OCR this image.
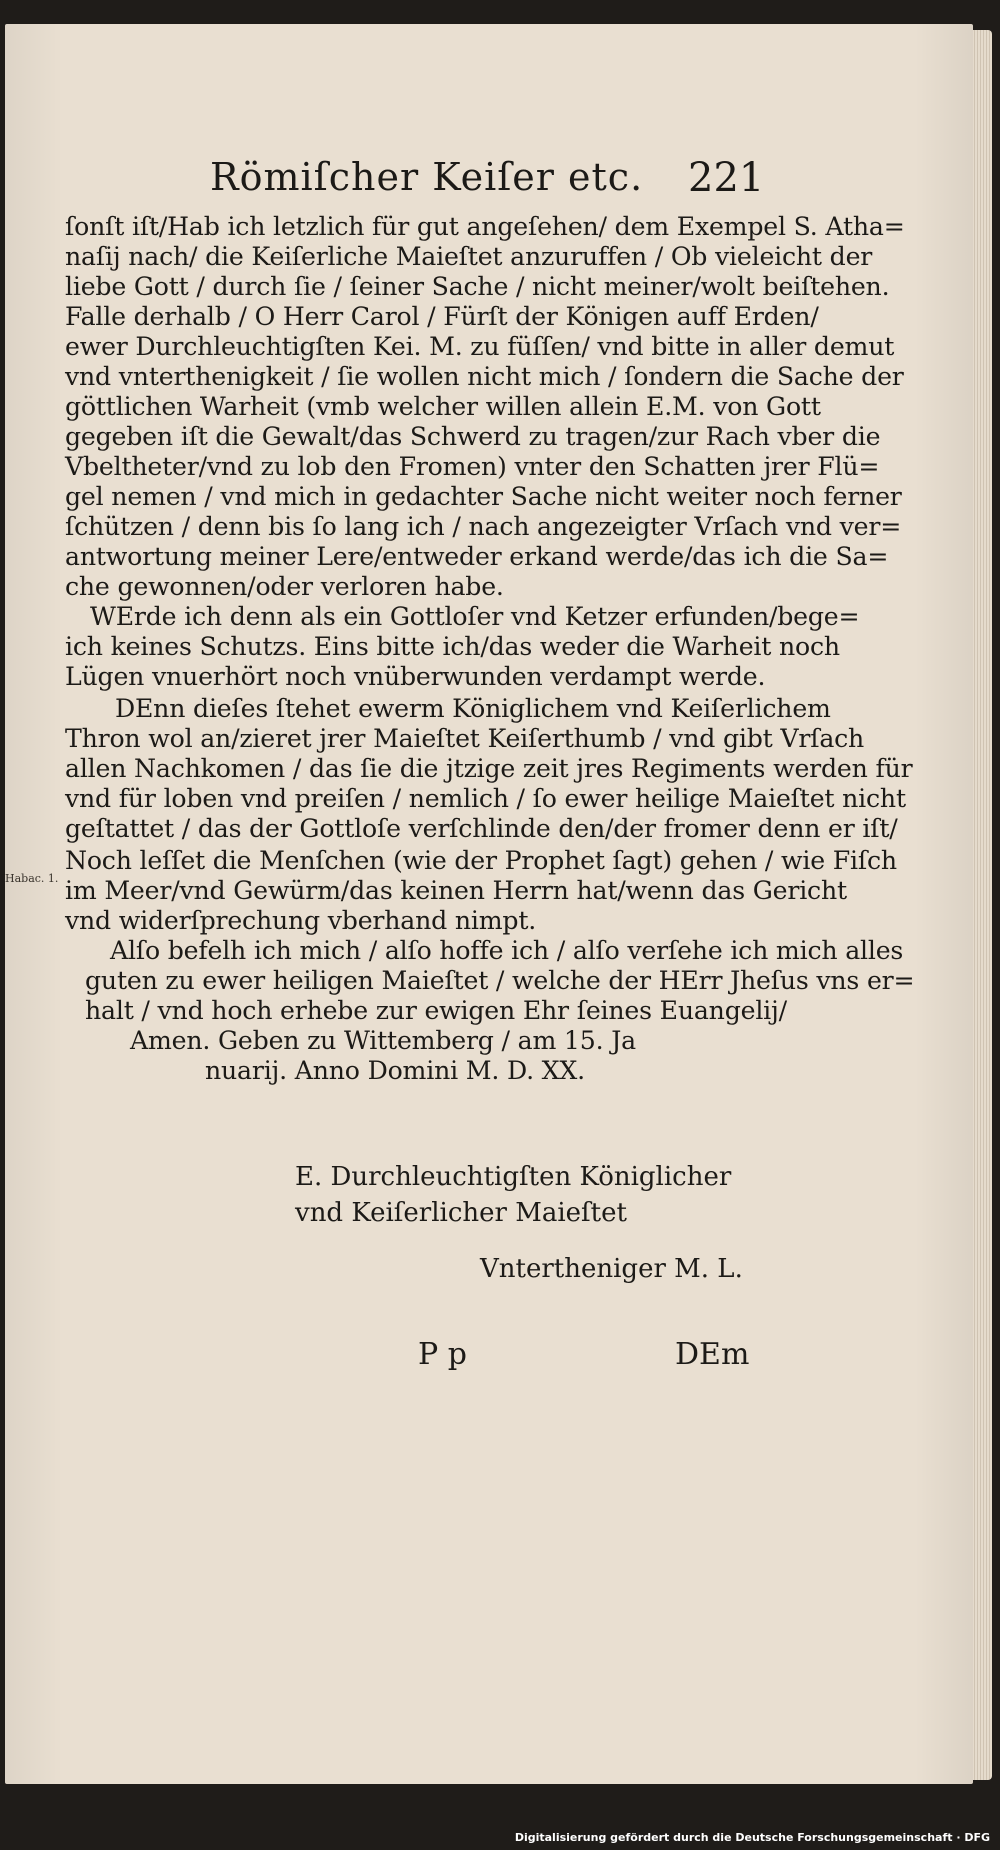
Römiſcher Keiſer etc. 221
ſonſt iſt/Hab ich letzlich für gut angeſehen/ dem Exempel S. Atha=
naſij nach/ die Keiſerliche Maieſtet anzuruffen / Ob vieleicht der
liebe Gott / durch ſie / ſeiner Sache / nicht meiner/wolt beiſtehen.
Falle derhalb / O Herr Carol / Fürſt der Königen auff Erden/
ewer Durchleuchtigſten Kei. M. zu füſſen/ vnd bitte in aller demut
vnd vnterthenigkeit / ſie wollen nicht mich / ſondern die Sache der
göttlichen Warheit (vmb welcher willen allein E.M. von Gott
gegeben iſt die Gewalt/das Schwerd zu tragen/zur Rach vber die
Vbeltheter/vnd zu lob den Fromen) vnter den Schatten jrer Flü=
gel nemen / vnd mich in gedachter Sache nicht weiter noch ferner
ſchützen / denn bis ſo lang ich / nach angezeigter Vrſach vnd ver=
antwortung meiner Lere/entweder erkand werde/das ich die Sa=
che gewonnen/oder verloren habe.
WErde ich denn als ein Gottloſer vnd Ketzer erfunden/bege=
ich keines Schutzs. Eins bitte ich/das weder die Warheit noch
Lügen vnuerhört noch vnüberwunden verdampt werde.
DEnn dieſes ſtehet ewerm Königlichem vnd Keiſerlichem
Thron wol an/zieret jrer Maieſtet Keiſerthumb / vnd gibt Vrſach
allen Nachkomen / das ſie die jtzige zeit jres Regiments werden für
vnd für loben vnd preiſen / nemlich / ſo ewer heilige Maieſtet nicht
geſtattet / das der Gottloſe verſchlinde den/der fromer denn er iſt/
Noch leſſet die Menſchen (wie der Prophet ſagt) gehen / wie Fiſch
im Meer/vnd Gewürm/das keinen Herrn hat/wenn das Gericht
vnd widerſprechung vberhand nimpt.
Alſo befelh ich mich / alſo hoffe ich / alſo verſehe ich mich alles
guten zu ewer heiligen Maieſtet / welche der HErr Jheſus vns er=
halt / vnd hoch erhebe zur ewigen Ehr ſeines Euangelij/
Amen. Geben zu Wittemberg / am 15. Ja
nuarij. Anno Domini M. D. XX.
Habac. 1.
E. Durchleuchtigſten Königlicher
vnd Keiſerlicher Maieſtet
Vntertheniger M. L.
P p	DEm
Digitalisierung gefördert durch die Deutsche Forschungsgemeinschaft · DFG
